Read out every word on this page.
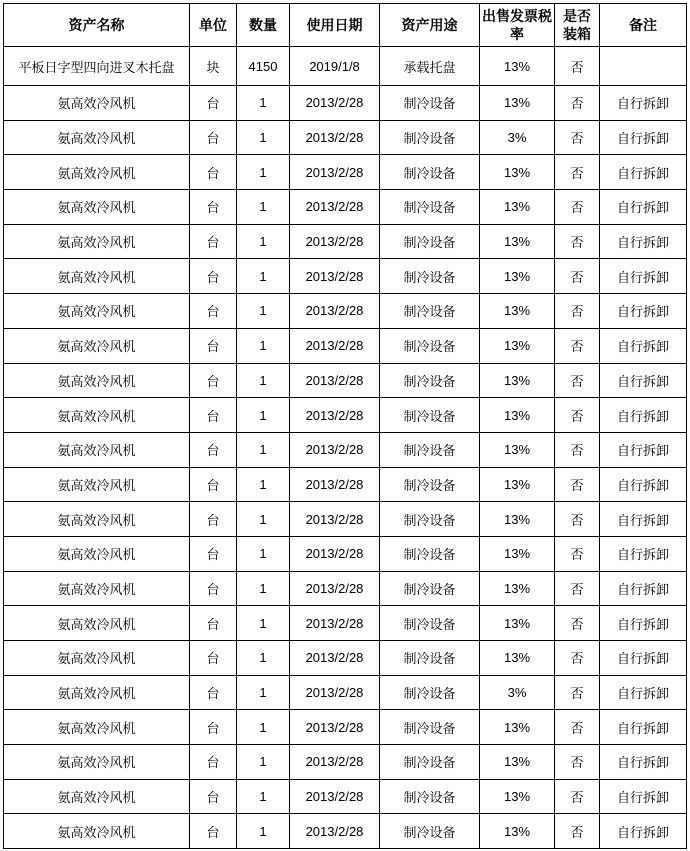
资产名称	单位	数量	使用日期	资产用途	出售发票税率	是否装箱	备注
平板日字型四向进叉木托盘	块	4150	2019/1/8	承载托盘	13%	否	
氨高效冷风机	台	1	2013/2/28	制冷设备	13%	否	自行拆卸
氨高效冷风机	台	1	2013/2/28	制冷设备	3%	否	自行拆卸
氨高效冷风机	台	1	2013/2/28	制冷设备	13%	否	自行拆卸
氨高效冷风机	台	1	2013/2/28	制冷设备	13%	否	自行拆卸
氨高效冷风机	台	1	2013/2/28	制冷设备	13%	否	自行拆卸
氨高效冷风机	台	1	2013/2/28	制冷设备	13%	否	自行拆卸
氨高效冷风机	台	1	2013/2/28	制冷设备	13%	否	自行拆卸
氨高效冷风机	台	1	2013/2/28	制冷设备	13%	否	自行拆卸
氨高效冷风机	台	1	2013/2/28	制冷设备	13%	否	自行拆卸
氨高效冷风机	台	1	2013/2/28	制冷设备	13%	否	自行拆卸
氨高效冷风机	台	1	2013/2/28	制冷设备	13%	否	自行拆卸
氨高效冷风机	台	1	2013/2/28	制冷设备	13%	否	自行拆卸
氨高效冷风机	台	1	2013/2/28	制冷设备	13%	否	自行拆卸
氨高效冷风机	台	1	2013/2/28	制冷设备	13%	否	自行拆卸
氨高效冷风机	台	1	2013/2/28	制冷设备	13%	否	自行拆卸
氨高效冷风机	台	1	2013/2/28	制冷设备	13%	否	自行拆卸
氨高效冷风机	台	1	2013/2/28	制冷设备	13%	否	自行拆卸
氨高效冷风机	台	1	2013/2/28	制冷设备	3%	否	自行拆卸
氨高效冷风机	台	1	2013/2/28	制冷设备	13%	否	自行拆卸
氨高效冷风机	台	1	2013/2/28	制冷设备	13%	否	自行拆卸
氨高效冷风机	台	1	2013/2/28	制冷设备	13%	否	自行拆卸
氨高效冷风机	台	1	2013/2/28	制冷设备	13%	否	自行拆卸
